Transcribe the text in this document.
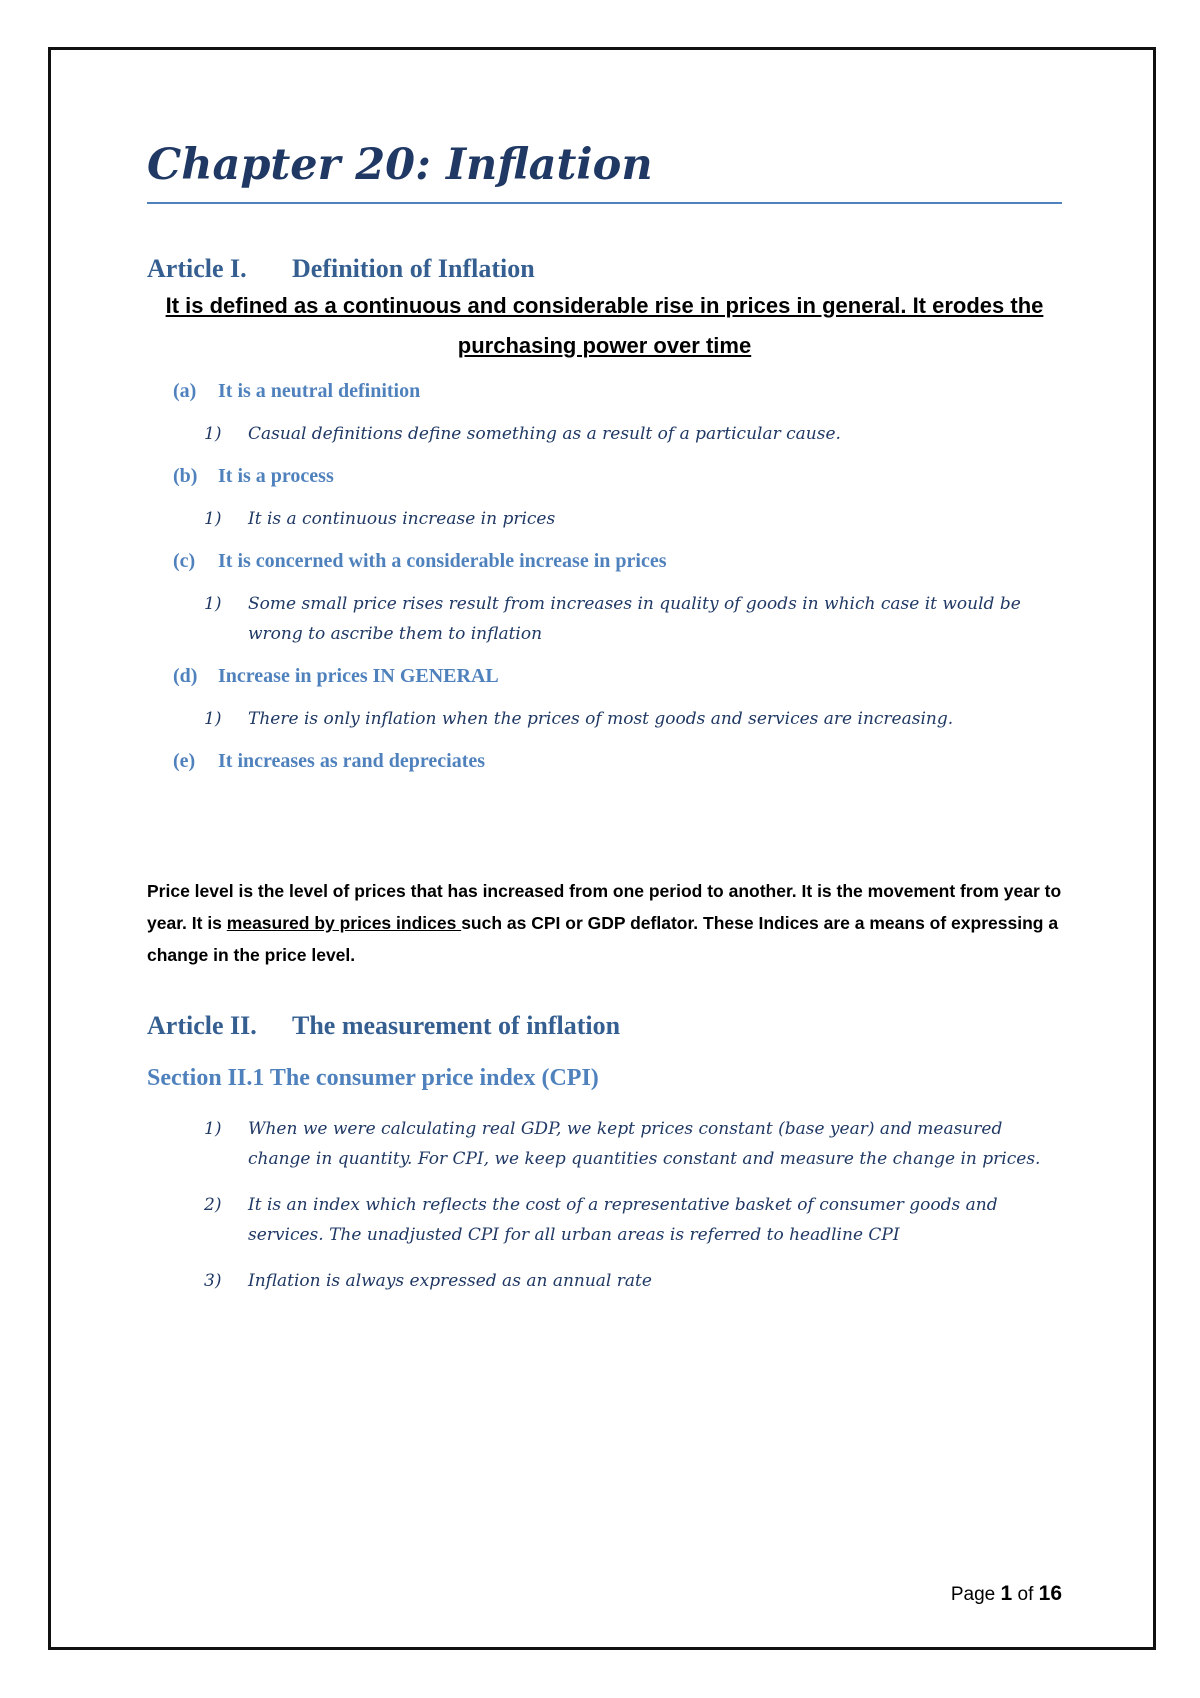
Chapter 20: Inflation
Article I.	Definition of Inflation

It is defined as a continuous and considerable rise in prices in general. It erodes the purchasing power over time

(a)	It is a neutral definition
1)	Casual definitions define something as a result of a particular cause.
(b)	It is a process
1)	It is a continuous increase in prices
(c)	It is concerned with a considerable increase in prices
1)	Some small price rises result from increases in quality of goods in which case it would be wrong to ascribe them to inflation
(d)	Increase in prices IN GENERAL
1)	There is only inflation when the prices of most goods and services are increasing.
(e)	It increases as rand depreciates

Price level is the level of prices that has increased from one period to another. It is the movement from year to year. It is measured by prices indices such as CPI or GDP deflator. These Indices are a means of expressing a change in the price level.

Article II.	The measurement of inflation
Section II.1 The consumer price index (CPI)
1)	When we were calculating real GDP, we kept prices constant (base year) and measured change in quantity. For CPI, we keep quantities constant and measure the change in prices.
2)	It is an index which reflects the cost of a representative basket of consumer goods and services. The unadjusted CPI for all urban areas is referred to headline CPI
3)	Inflation is always expressed as an annual rate
Page 1 of 16
